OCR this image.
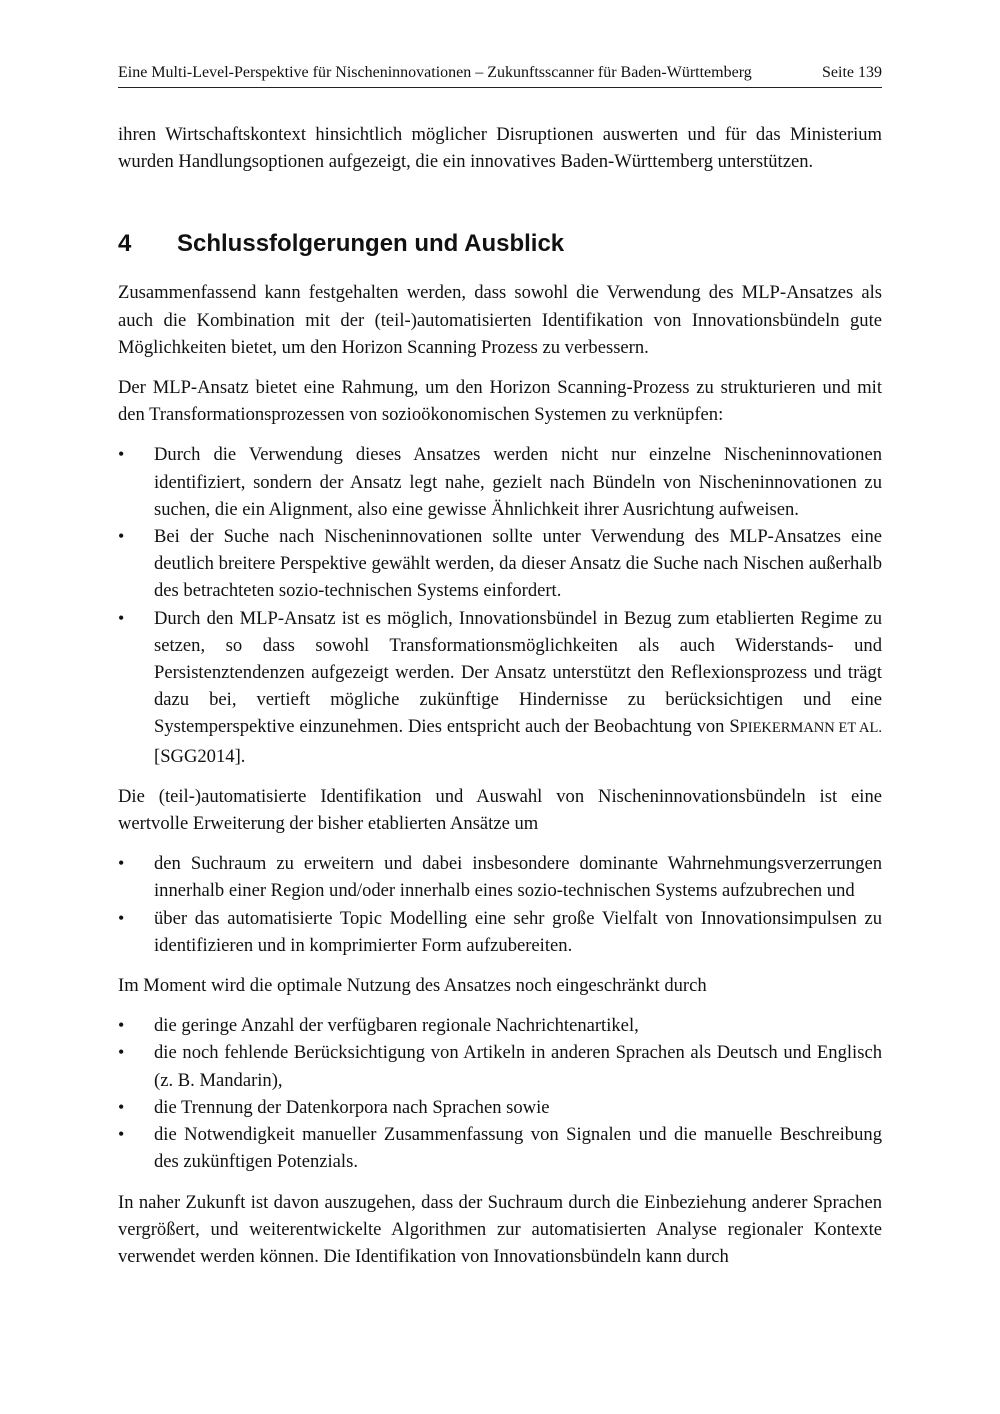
Eine Multi-Level-Perspektive für Nischeninnovationen – Zukunftsscanner für Baden-Württemberg	Seite 139

ihren Wirtschaftskontext hinsichtlich möglicher Disruptionen auswerten und für das Ministerium wurden Handlungsoptionen aufgezeigt, die ein innovatives Baden-Württemberg unterstützen.

4	Schlussfolgerungen und Ausblick

Zusammenfassend kann festgehalten werden, dass sowohl die Verwendung des MLP-Ansatzes als auch die Kombination mit der (teil-)automatisierten Identifikation von Innovationsbündeln gute Möglichkeiten bietet, um den Horizon Scanning Prozess zu verbessern.

Der MLP-Ansatz bietet eine Rahmung, um den Horizon Scanning-Prozess zu strukturieren und mit den Transformationsprozessen von sozioökonomischen Systemen zu verknüpfen:

• Durch die Verwendung dieses Ansatzes werden nicht nur einzelne Nischeninnovationen identifiziert, sondern der Ansatz legt nahe, gezielt nach Bündeln von Nischeninnovationen zu suchen, die ein Alignment, also eine gewisse Ähnlichkeit ihrer Ausrichtung aufweisen.
• Bei der Suche nach Nischeninnovationen sollte unter Verwendung des MLP-Ansatzes eine deutlich breitere Perspektive gewählt werden, da dieser Ansatz die Suche nach Nischen außerhalb des betrachteten sozio-technischen Systems einfordert.
• Durch den MLP-Ansatz ist es möglich, Innovationsbündel in Bezug zum etablierten Regime zu setzen, so dass sowohl Transformationsmöglichkeiten als auch Widerstands- und Persistenztendenzen aufgezeigt werden. Der Ansatz unterstützt den Reflexionsprozess und trägt dazu bei, vertieft mögliche zukünftige Hindernisse zu berücksichtigen und eine Systemperspektive einzunehmen. Dies entspricht auch der Beobachtung von SPIEKERMANN ET AL. [SGG2014].

Die (teil-)automatisierte Identifikation und Auswahl von Nischeninnovationsbündeln ist eine wertvolle Erweiterung der bisher etablierten Ansätze um

• den Suchraum zu erweitern und dabei insbesondere dominante Wahrnehmungsverzerrungen innerhalb einer Region und/oder innerhalb eines sozio-technischen Systems aufzubrechen und
• über das automatisierte Topic Modelling eine sehr große Vielfalt von Innovationsimpulsen zu identifizieren und in komprimierter Form aufzubereiten.

Im Moment wird die optimale Nutzung des Ansatzes noch eingeschränkt durch

• die geringe Anzahl der verfügbaren regionale Nachrichtenartikel,
• die noch fehlende Berücksichtigung von Artikeln in anderen Sprachen als Deutsch und Englisch (z. B. Mandarin),
• die Trennung der Datenkorpora nach Sprachen sowie
• die Notwendigkeit manueller Zusammenfassung von Signalen und die manuelle Beschreibung des zukünftigen Potenzials.

In naher Zukunft ist davon auszugehen, dass der Suchraum durch die Einbeziehung anderer Sprachen vergrößert, und weiterentwickelte Algorithmen zur automatisierten Analyse regionaler Kontexte verwendet werden können. Die Identifikation von Innovationsbündeln kann durch
